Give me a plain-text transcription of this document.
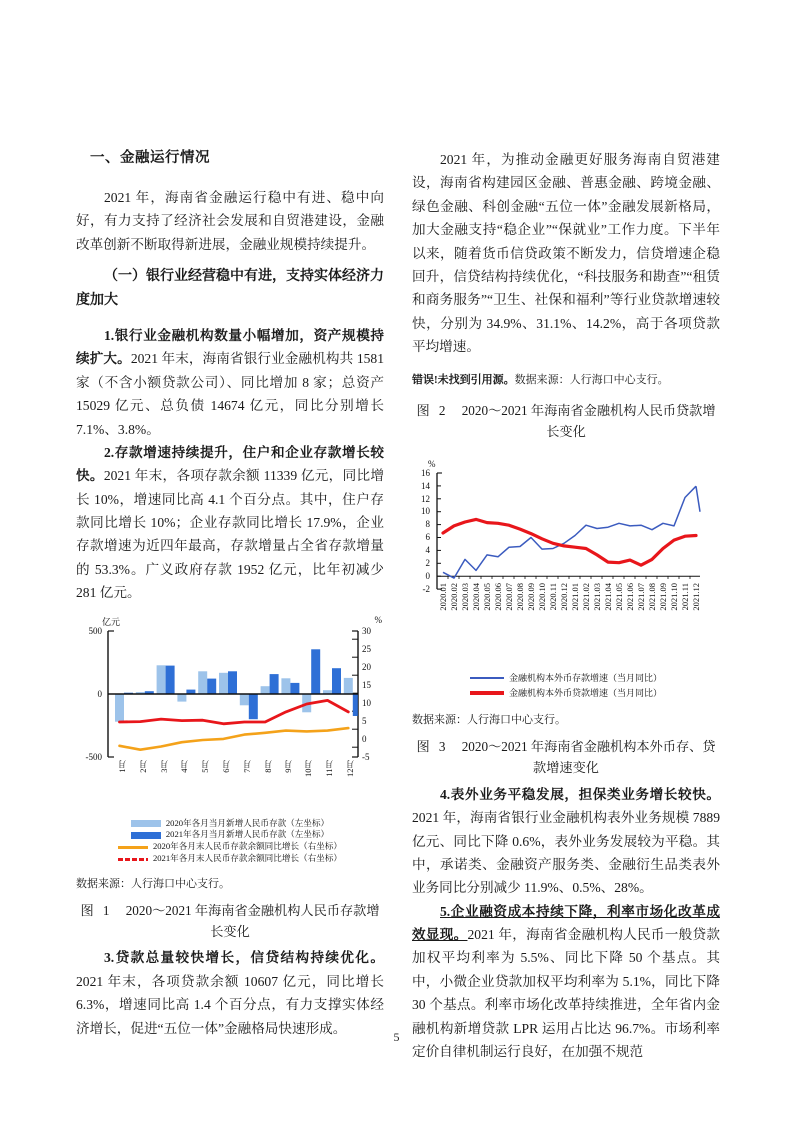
一、金融运行情况

2021 年，海南省金融运行稳中有进、稳中向好，有力支持了经济社会发展和自贸港建设，金融改革创新不断取得新进展，金融业规模持续提升。

（一）银行业经营稳中有进，支持实体经济力度加大

1.银行业金融机构数量小幅增加，资产规模持续扩大。2021 年末，海南省银行业金融机构共 1581 家（不含小额贷款公司）、同比增加 8 家；总资产 15029 亿元、总负债 14674 亿元，同比分别增长 7.1%、3.8%。

2.存款增速持续提升，住户和企业存款增长较快。2021 年末，各项存款余额 11339 亿元，同比增长 10%，增速同比高 4.1 个百分点。其中，住户存款同比增长 10%；企业存款同比增长 17.9%，企业存款增速为近四年最高，存款增量占全省存款增量的 53.3%。广义政府存款 1952 亿元，比年初减少 281 亿元。

亿元	%
500
0
-500
30
25
20
15
10
5
0
-5
1月 2月 3月 4月 5月 6月 7月 8月 9月 10月 11月 12月
2020年各月当月新增人民币存款（左坐标）
2021年各月当月新增人民币存款（左坐标）
2020年各月末人民币存款余额同比增长（右坐标）
2021年各月末人民币存款余额同比增长（右坐标）
数据来源：人行海口中心支行。
图 1 2020～2021 年海南省金融机构人民币存款增长变化

3.贷款总量较快增长，信贷结构持续优化。2021 年末，各项贷款余额 10607 亿元，同比增长 6.3%，增速同比高 1.4 个百分点，有力支撑实体经济增长，促进“五位一体”金融格局快速形成。

2021 年，为推动金融更好服务海南自贸港建设，海南省构建园区金融、普惠金融、跨境金融、绿色金融、科创金融“五位一体”金融发展新格局，加大金融支持“稳企业”“保就业”工作力度。下半年以来，随着货币信贷政策不断发力，信贷增速企稳回升，信贷结构持续优化，“科技服务和勘查”“租赁和商务服务”“卫生、社保和福利”等行业贷款增速较快，分别为 34.9%、31.1%、14.2%，高于各项贷款平均增速。

错误!未找到引用源。数据来源：人行海口中心支行。
图 2 2020～2021 年海南省金融机构人民币贷款增长变化
%
16
14
12
10
8
6
4
2
0
-2 2020.01 2020.02 2020.03 2020.04 2020.05 2020.06 2020.07 2020.08 2020.09 2020.10 2020.11 2020.12 2021.01 2021.02 2021.03 2021.04 2021.05 2021.06 2021.07 2021.08 2021.09 2021.10 2021.11 2021.12
金融机构本外币存款增速（当月同比）
金融机构本外币贷款增速（当月同比）
数据来源：人行海口中心支行。
图 3 2020～2021 年海南省金融机构本外币存、贷款增速变化

4.表外业务平稳发展，担保类业务增长较快。2021 年，海南省银行业金融机构表外业务规模 7889 亿元、同比下降 0.6%，表外业务发展较为平稳。其中，承诺类、金融资产服务类、金融衍生品类表外业务同比分别减少 11.9%、0.5%、28%。

5.企业融资成本持续下降，利率市场化改革成效显现。2021 年，海南省金融机构人民币一般贷款加权平均利率为 5.5%、同比下降 50 个基点。其中，小微企业贷款加权平均利率为 5.1%，同比下降 30 个基点。利率市场化改革持续推进，全年省内金融机构新增贷款 LPR 运用占比达 96.7%。市场利率定价自律机制运行良好，在加强不规范

5
